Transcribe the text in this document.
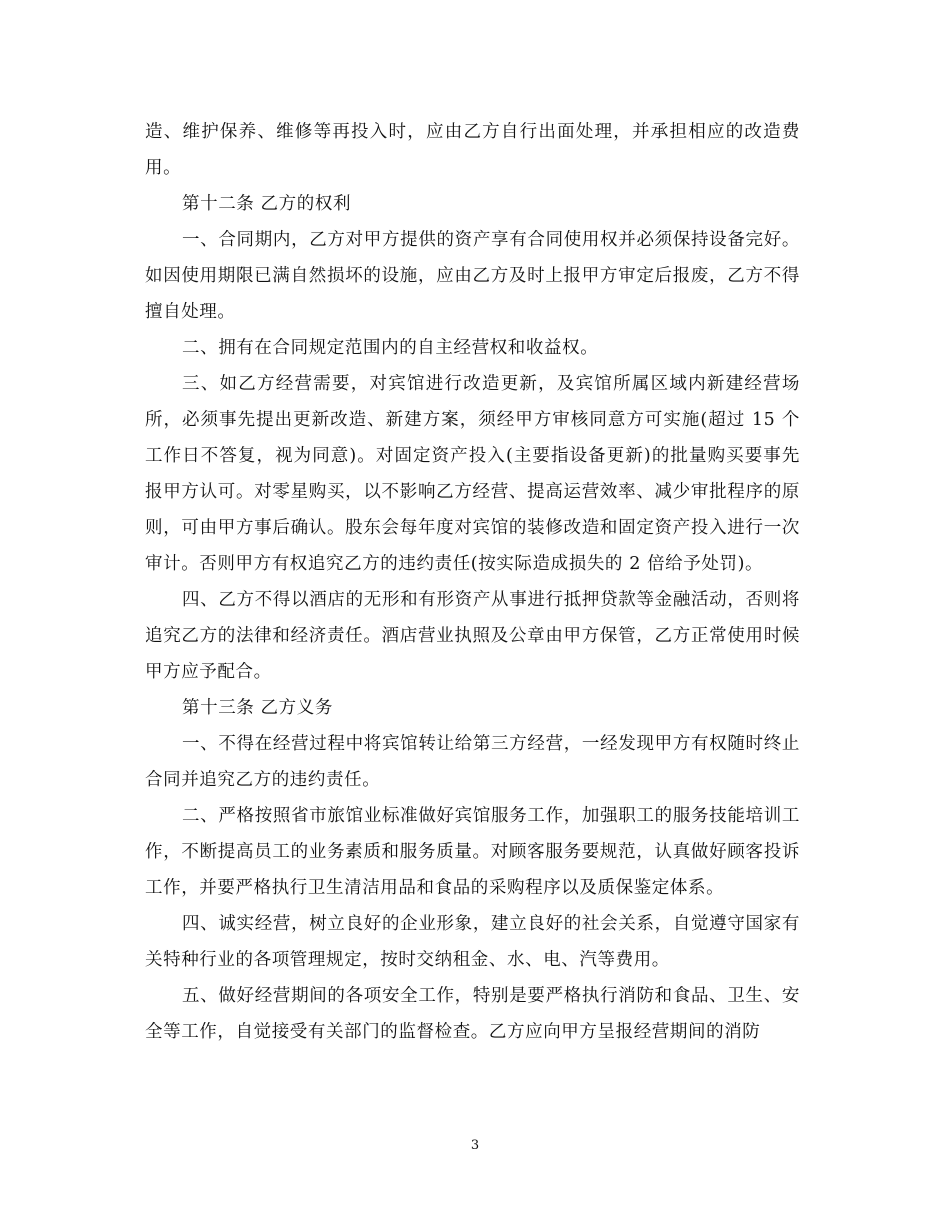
造、维护保养、维修等再投入时，应由乙方自行出面处理，并承担相应的改造费用。

第十二条 乙方的权利

一、合同期内，乙方对甲方提供的资产享有合同使用权并必须保持设备完好。如因使用期限已满自然损坏的设施，应由乙方及时上报甲方审定后报废，乙方不得擅自处理。

二、拥有在合同规定范围内的自主经营权和收益权。

三、如乙方经营需要，对宾馆进行改造更新，及宾馆所属区域内新建经营场所，必须事先提出更新改造、新建方案，须经甲方审核同意方可实施(超过 15 个工作日不答复，视为同意)。对固定资产投入(主要指设备更新)的批量购买要事先报甲方认可。对零星购买，以不影响乙方经营、提高运营效率、减少审批程序的原则，可由甲方事后确认。股东会每年度对宾馆的装修改造和固定资产投入进行一次审计。否则甲方有权追究乙方的违约责任(按实际造成损失的 2 倍给予处罚)。

四、乙方不得以酒店的无形和有形资产从事进行抵押贷款等金融活动，否则将追究乙方的法律和经济责任。酒店营业执照及公章由甲方保管，乙方正常使用时候甲方应予配合。

第十三条 乙方义务

一、不得在经营过程中将宾馆转让给第三方经营，一经发现甲方有权随时终止合同并追究乙方的违约责任。

二、严格按照省市旅馆业标准做好宾馆服务工作，加强职工的服务技能培训工作，不断提高员工的业务素质和服务质量。对顾客服务要规范，认真做好顾客投诉工作，并要严格执行卫生清洁用品和食品的采购程序以及质保鉴定体系。

四、诚实经营，树立良好的企业形象，建立良好的社会关系，自觉遵守国家有关特种行业的各项管理规定，按时交纳租金、水、电、汽等费用。

五、做好经营期间的各项安全工作，特别是要严格执行消防和食品、卫生、安全等工作，自觉接受有关部门的监督检查。乙方应向甲方呈报经营期间的消防

3
